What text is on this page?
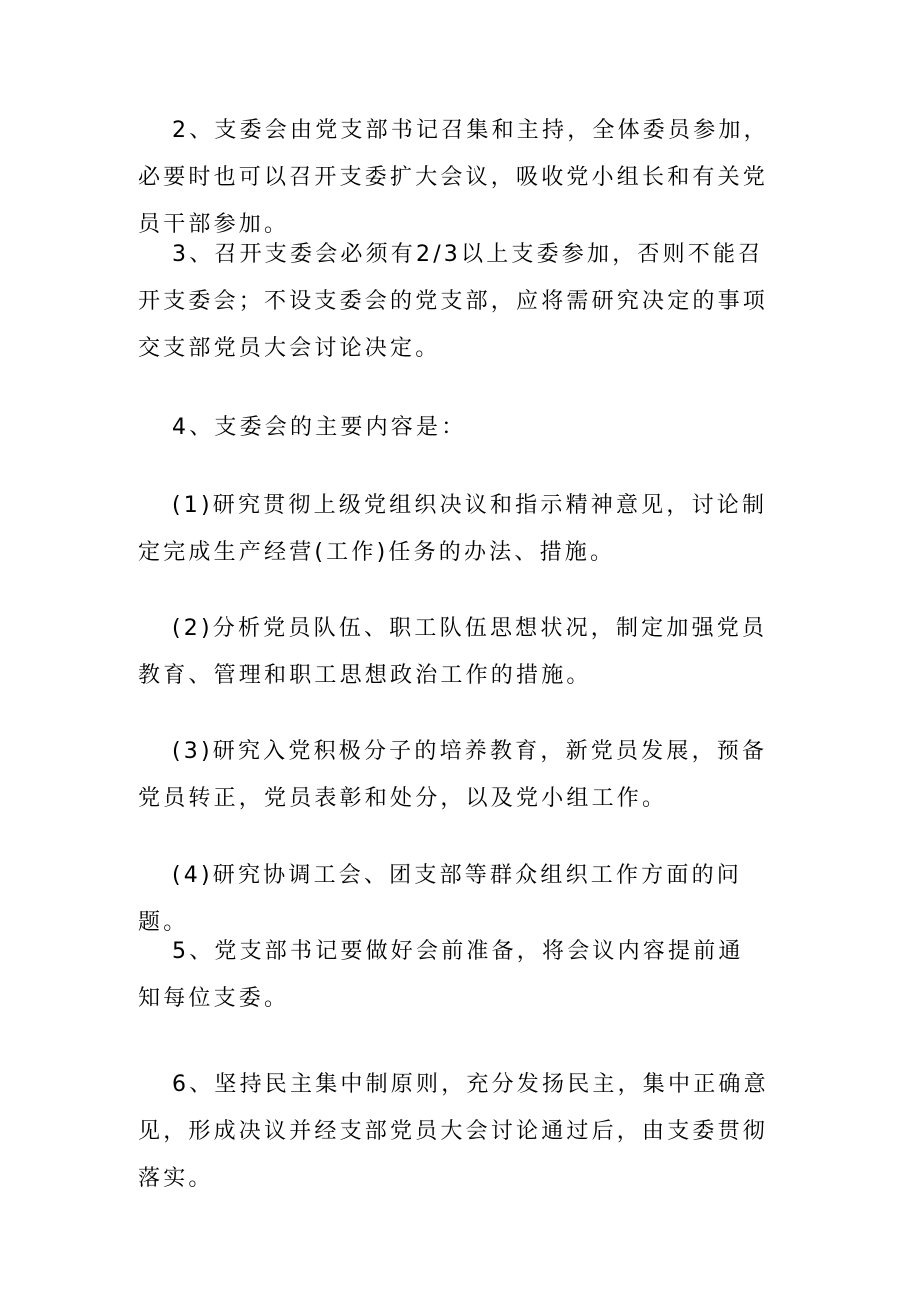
2、支委会由党支部书记召集和主持，全体委员参加，必要时也可以召开支委扩大会议，吸收党小组长和有关党员干部参加。

3、召开支委会必须有2/3以上支委参加，否则不能召开支委会；不设支委会的党支部，应将需研究决定的事项交支部党员大会讨论决定。

4、支委会的主要内容是：

(1)研究贯彻上级党组织决议和指示精神意见，讨论制定完成生产经营(工作)任务的办法、措施。

(2)分析党员队伍、职工队伍思想状况，制定加强党员教育、管理和职工思想政治工作的措施。

(3)研究入党积极分子的培养教育，新党员发展，预备党员转正，党员表彰和处分，以及党小组工作。

(4)研究协调工会、团支部等群众组织工作方面的问题。

5、党支部书记要做好会前准备，将会议内容提前通知每位支委。

6、坚持民主集中制原则，充分发扬民主，集中正确意见，形成决议并经支部党员大会讨论通过后，由支委贯彻落实。
